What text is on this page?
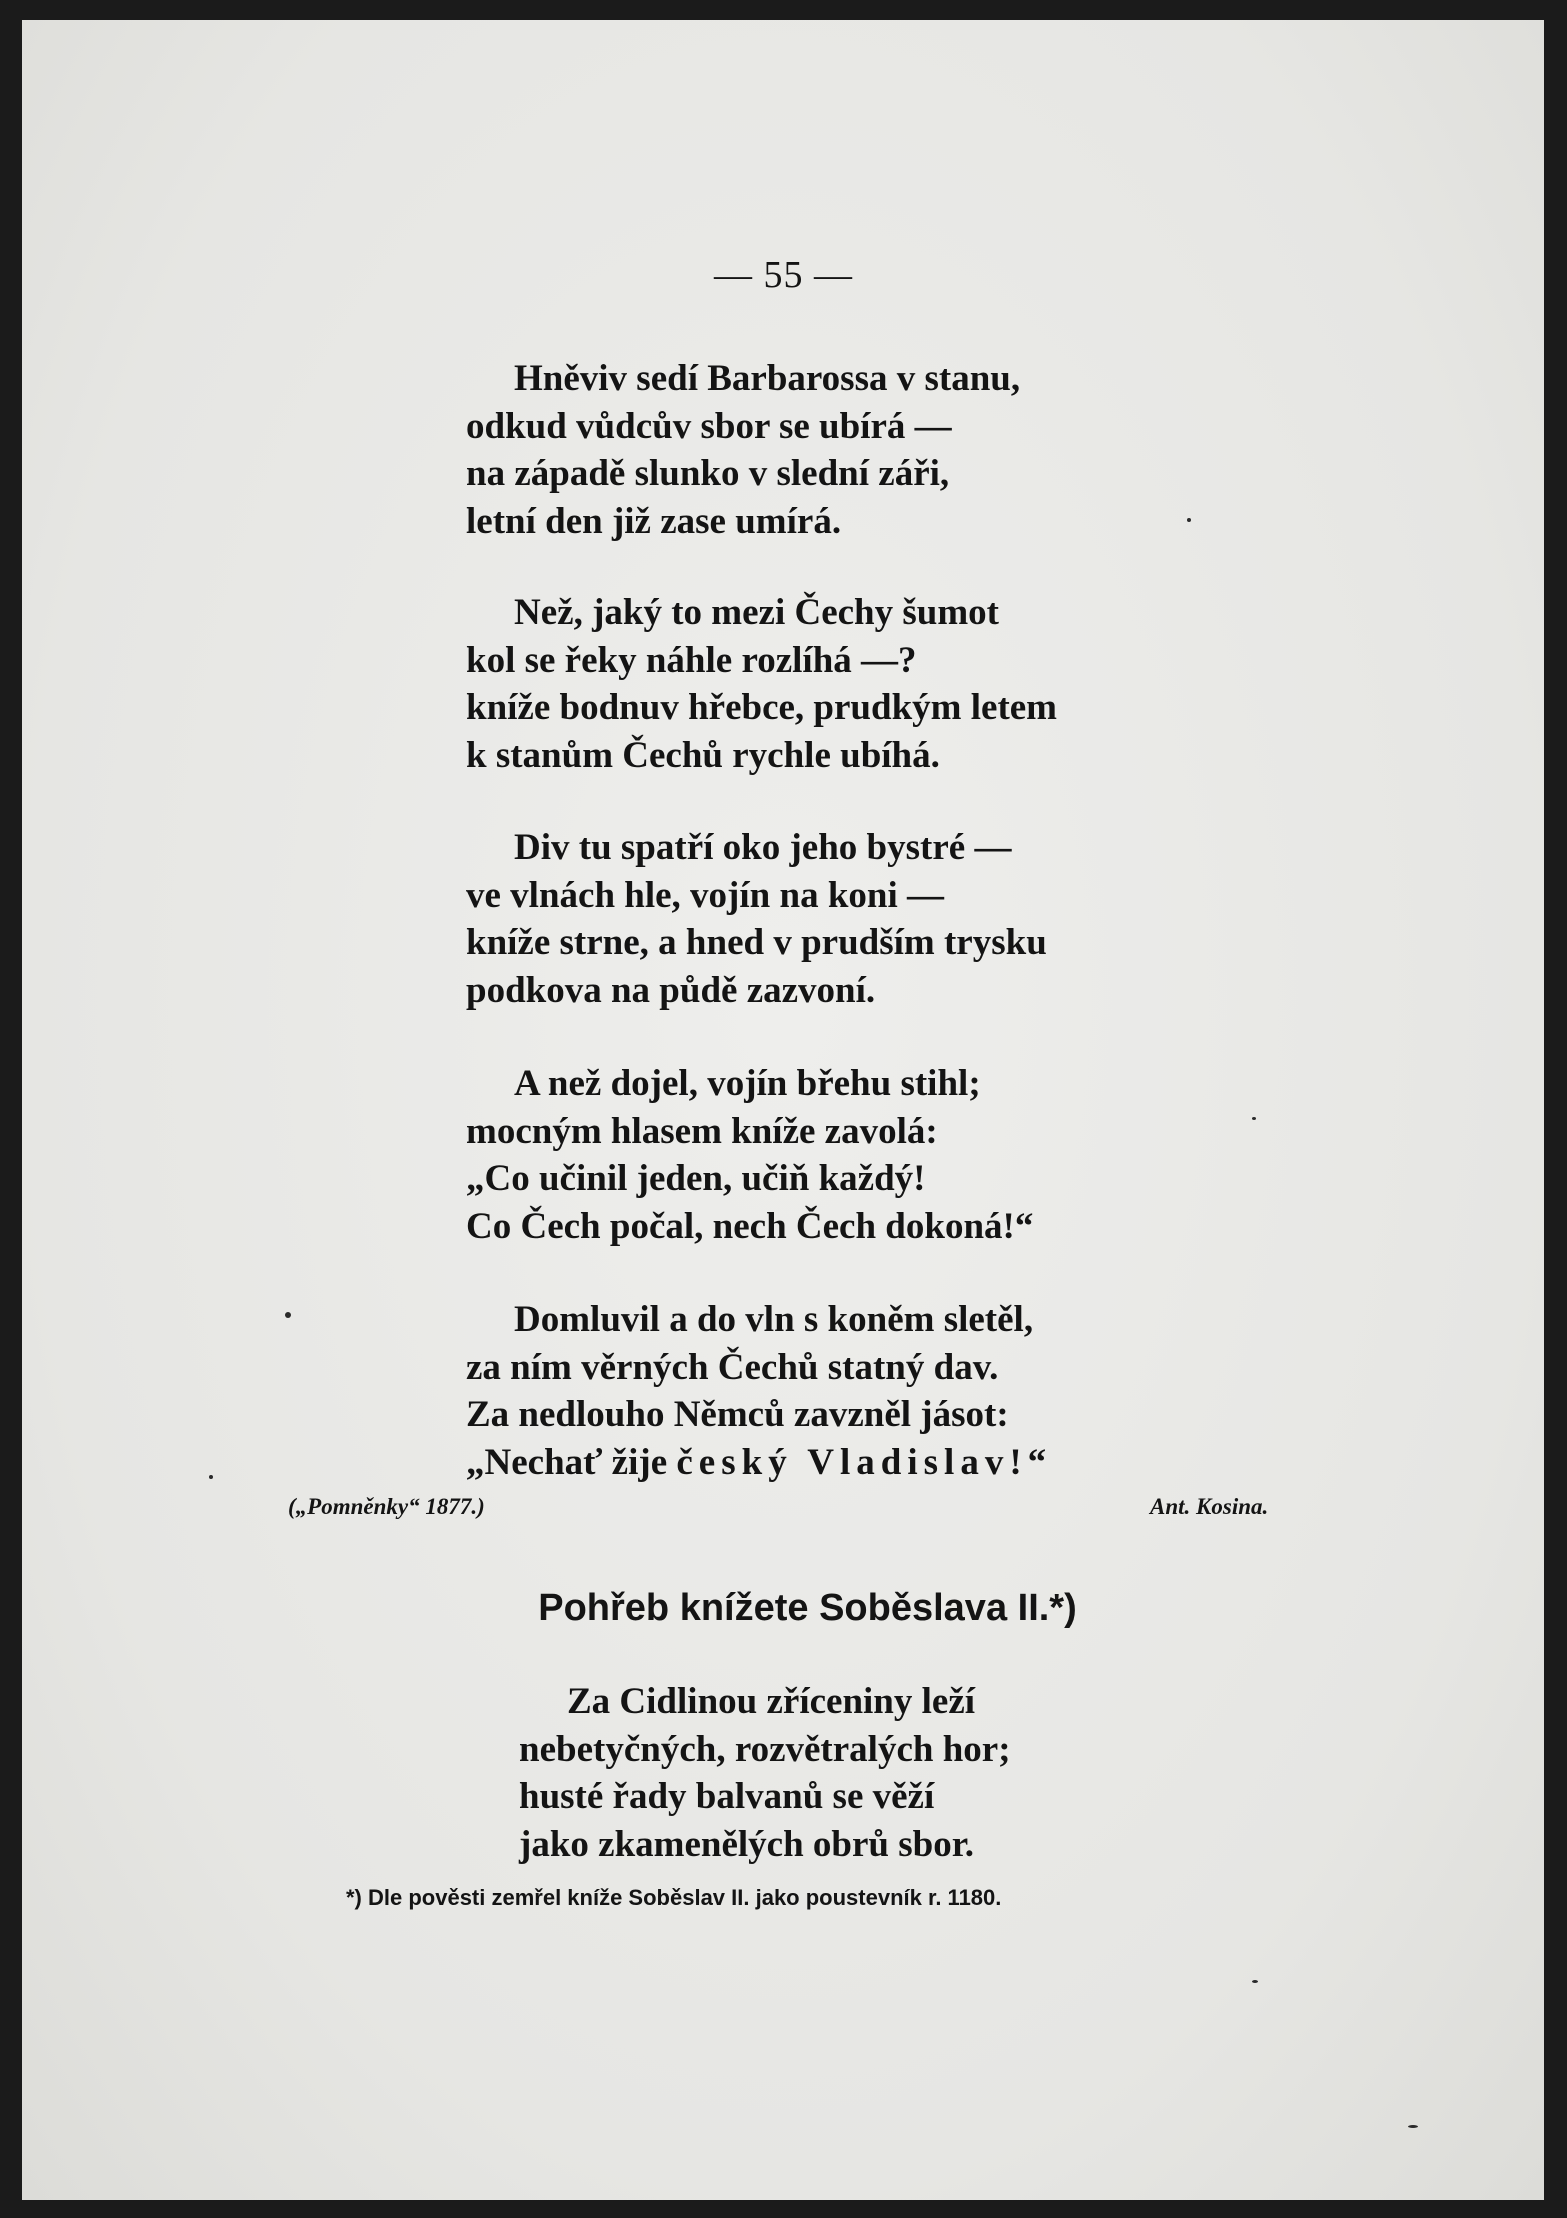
— 55 —
Hněviv sedí Barbarossa v stanu,
odkud vůdcův sbor se ubírá —
na západě slunko v slední záři,
letní den již zase umírá.
Než, jaký to mezi Čechy šumot
kol se řeky náhle rozlíhá —?
kníže bodnuv hřebce, prudkým letem
k stanům Čechů rychle ubíhá.
Div tu spatří oko jeho bystré —
ve vlnách hle, vojín na koni —
kníže strne, a hned v prudším trysku
podkova na půdě zazvoní.
A než dojel, vojín břehu stihl;
mocným hlasem kníže zavolá:
„Co učinil jeden, učiň každý!
Co Čech počal, nech Čech dokoná!“
Domluvil a do vln s koněm sletěl,
za ním věrných Čechů statný dav.
Za nedlouho Němců zavzněl jásot:
„Nechať žije český Vladislav!“
(„Pomněnky“ 1877.)	Ant. Kosina.
Pohřeb knížete Soběslava II.*)
Za Cidlinou zříceniny leží
nebetyčných, rozvětralých hor;
husté řady balvanů se věží
jako zkamenělých obrů sbor.
*) Dle pověsti zemřel kníže Soběslav II. jako poustevník r. 1180.
